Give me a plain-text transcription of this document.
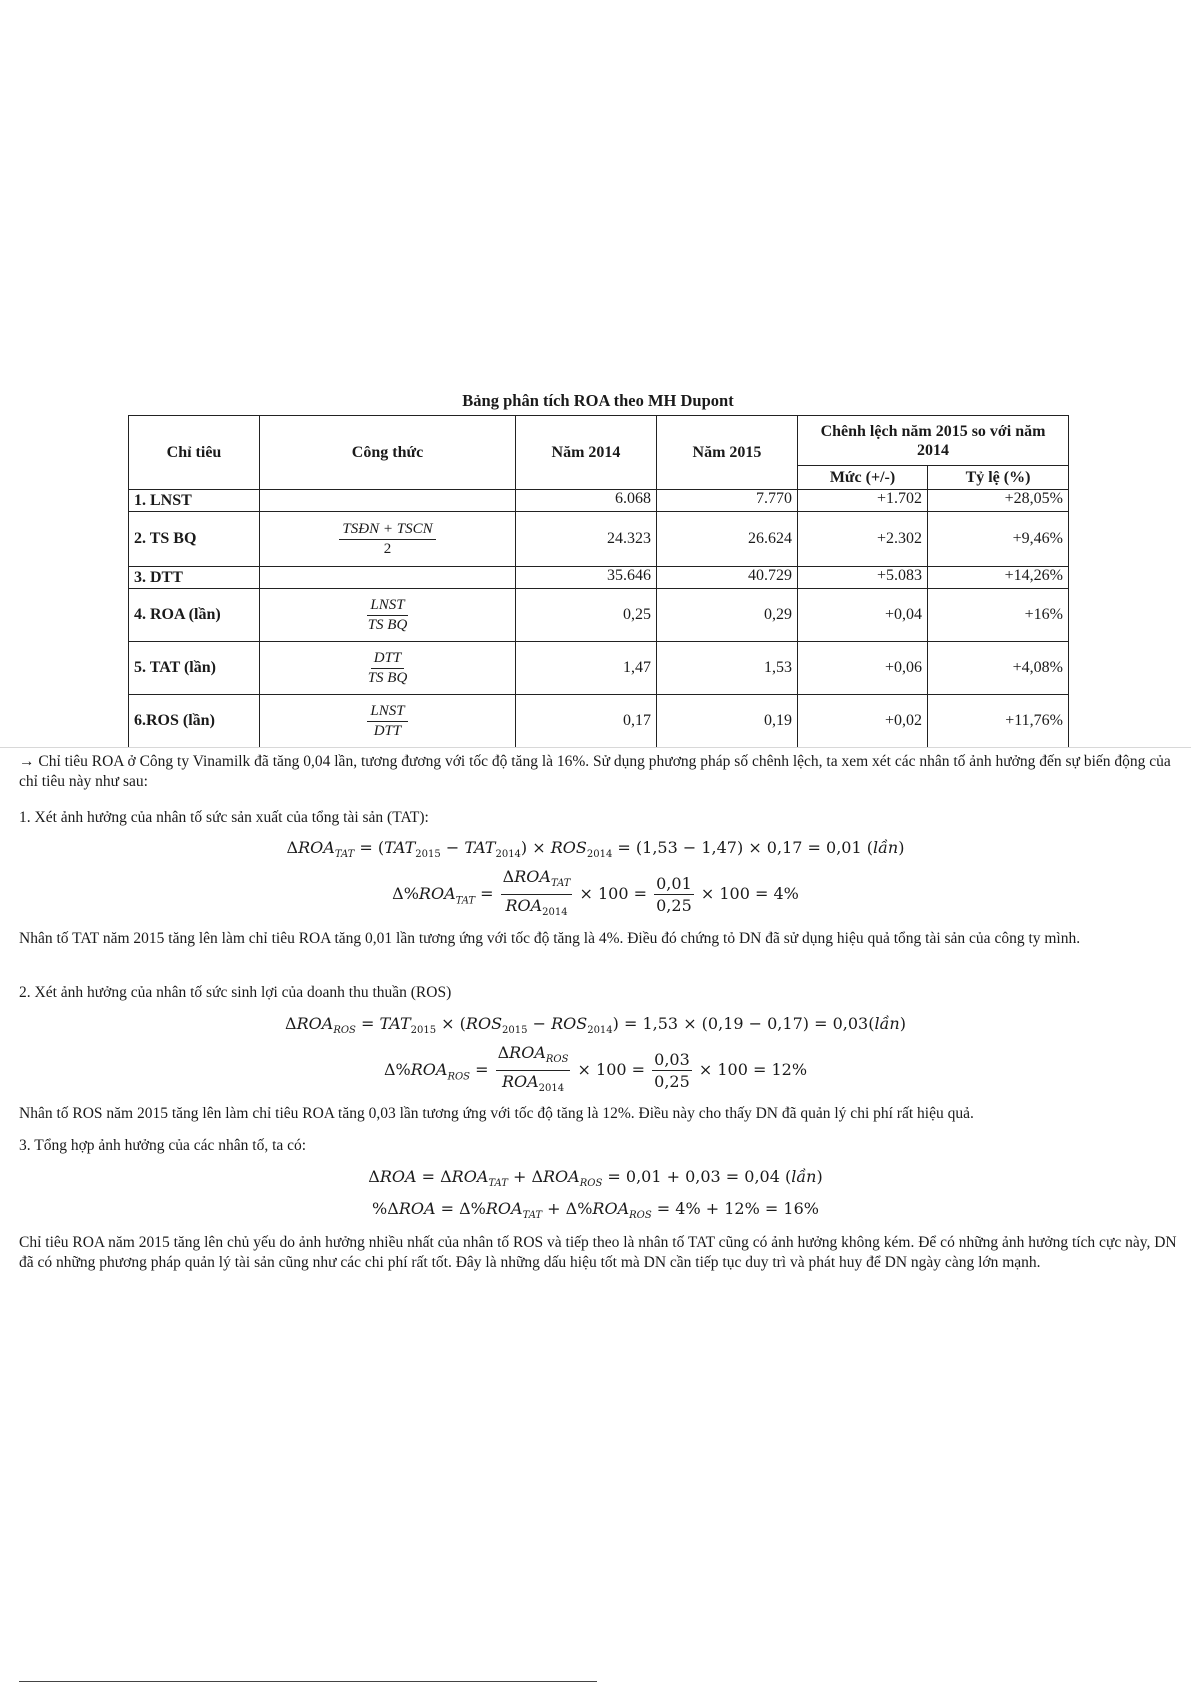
Bảng phân tích ROA theo MH Dupont
Chỉ tiêu	Công thức	Năm 2014	Năm 2015	Chênh lệch năm 2015 so với năm 2014	
				Mức (+/-)	Tỷ lệ (%)
1. LNST		6.068	7.770	+1.702	+28,05%
2. TS BQ	$\frac{\text{TSĐN + TSCN}}{2}$	24.323	26.624	+2.302	+9,46%
3. DTT		35.646	40.729	+5.083	+14,26%
4. ROA (lần)	$\frac{\text{LNST}}{\text{TS BQ}}$	0,25	0,29	+0,04	+16%
5. TAT (lần)	$\frac{\text{DTT}}{\text{TS BQ}}$	1,47	1,53	+0,06	+4,08%
6.ROS (lần)	$\frac{\text{LNST}}{\text{DTT}}$	0,17	0,19	+0,02	+11,76%
→ Chỉ tiêu ROA ở Công ty Vinamilk đã tăng 0,04 lần, tương đương với tốc độ tăng là 16%. Sử dụng phương pháp số chênh lệch, ta xem xét các nhân tố ảnh hưởng đến sự biến động của chỉ tiêu này như sau:
1. Xét ảnh hưởng của nhân tố sức sản xuất của tổng tài sản (TAT):
$\Delta ROA_{TAT} = (TAT_{2015} - TAT_{2014}) \times ROS_{2014} = (1,53 - 1,47) \times 0,17 = 0,01$ (lần)
$\Delta\%ROA_{TAT}$ =
$\Delta ROA_{TAT}$
$ROA_{2014}$
× $100 = \frac{0,01}{0,25} \times 100 = 4\%$
Nhân tố TAT năm 2015 tăng lên làm chỉ tiêu ROA tăng 0,01 lần tương ứng với tốc độ tăng là 4%. Điều đó chứng tỏ DN đã sử dụng hiệu quả tổng tài sản của công ty mình.
2. Xét ảnh hưởng của nhân tố sức sinh lợi của doanh thu thuần (ROS)
$\Delta ROA_{ROS} = TAT_{2015} \times (ROS_{2015} - ROS_{2014}) = 1,53 \times (0,19 - 0,17)$ = 0,03(lần)
$\Delta\%ROA_{ROS}$ =
$\Delta ROA_{ROS}$
$ROA_{2014}$
× $100 = \frac{0,03}{0,25} \times 100 = 12\%$
Nhân tố ROS năm 2015 tăng lên làm chỉ tiêu ROA tăng 0,03 lần tương ứng với tốc độ tăng là 12%. Điều này cho thấy DN đã quản lý chi phí rất hiệu quả.
3. Tổng hợp ảnh hưởng của các nhân tố, ta có:
$\Delta ROA = \Delta ROA_{TAT} + \Delta ROA_{ROS} = 0,01 + 0,03 = 0,04$ (lần)
$\%\Delta ROA = \Delta\%ROA_{TAT} + \Delta\%ROA_{ROS} = 4\% + 12\% = 16\%$
Chỉ tiêu ROA năm 2015 tăng lên chủ yếu do ảnh hưởng nhiều nhất của nhân tố ROS và tiếp theo là nhân tố TAT cũng có ảnh hưởng không kém. Để có những ảnh hưởng tích cực này, DN đã có những phương pháp quản lý tài sản cũng như các chi phí rất tốt. Đây là những dấu hiệu tốt mà DN cần tiếp tục duy trì và phát huy để DN ngày càng lớn mạnh.
